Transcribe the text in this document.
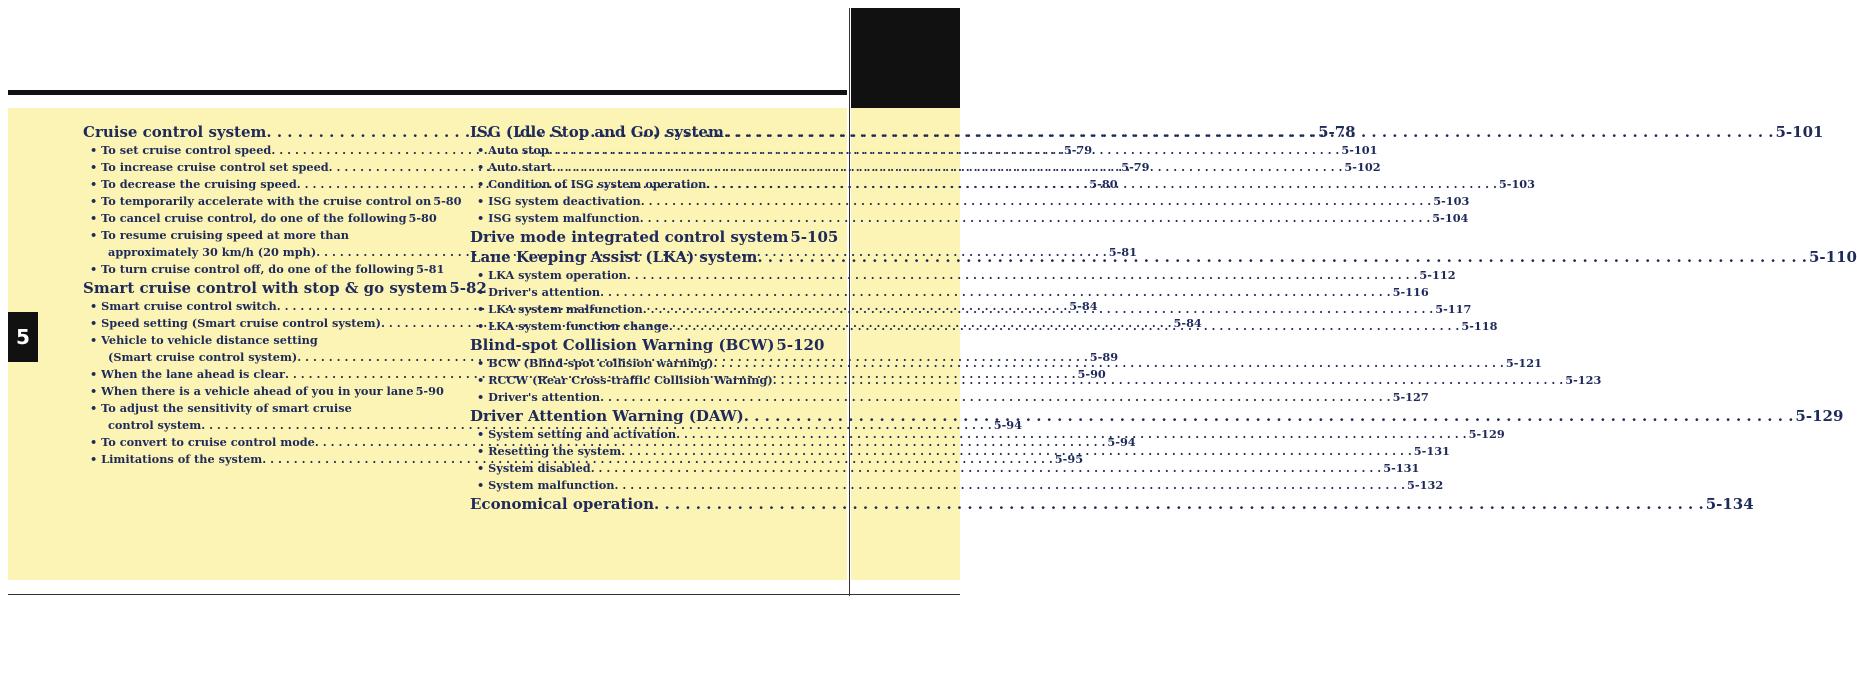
5
Cruise control system . . .	5-78
• To set cruise control speed . . .	5-79
• To increase cruise control set speed . . .	5-79
• To decrease the cruising speed . . .	5-80
• To temporarily accelerate with the cruise control on 5-80
• To cancel cruise control, do one of the following 5-80
• To resume cruising speed at more than
approximately 30 km/h (20 mph) . . .	5-81
• To turn cruise control off, do one of the following 5-81
Smart cruise control with stop & go system 5-82
• Smart cruise control switch . . .	5-84
• Speed setting (Smart cruise control system) . . .	5-84
• Vehicle to vehicle distance setting
(Smart cruise control system) . . .	5-89
• When the lane ahead is clear . . .	5-90
• When there is a vehicle ahead of you in your lane 5-90
• To adjust the sensitivity of smart cruise
control system . . .	5-94
• To convert to cruise control mode . . .	5-94
• Limitations of the system . . .	5-95
ISG (Idle Stop and Go) system . . .	5-101
• Auto stop . . .	5-101
• Auto start . . .	5-102
• Condition of ISG system operation . . .	5-103
• ISG system deactivation . . .	5-103
• ISG system malfunction . . .	5-104
Drive mode integrated control system 5-105
Lane Keeping Assist (LKA) system . . .	5-110
• LKA system operation . . .	5-112
• Driver's attention . . .	5-116
• LKA system malfunction . . .	5-117
• LKA system function change . . .	5-118
Blind-spot Collision Warning (BCW) 5-120
• BCW (Blind-spot collision warning) . . .	5-121
• RCCW (Rear Cross-traffic Collision Warning) . . .	5-123
• Driver's attention . . .	5-127
Driver Attention Warning (DAW) . . .	5-129
• System setting and activation . . .	5-129
• Resetting the system . . .	5-131
• System disabled . . .	5-131
• System malfunction . . .	5-132
Economical operation . . .	5-134
